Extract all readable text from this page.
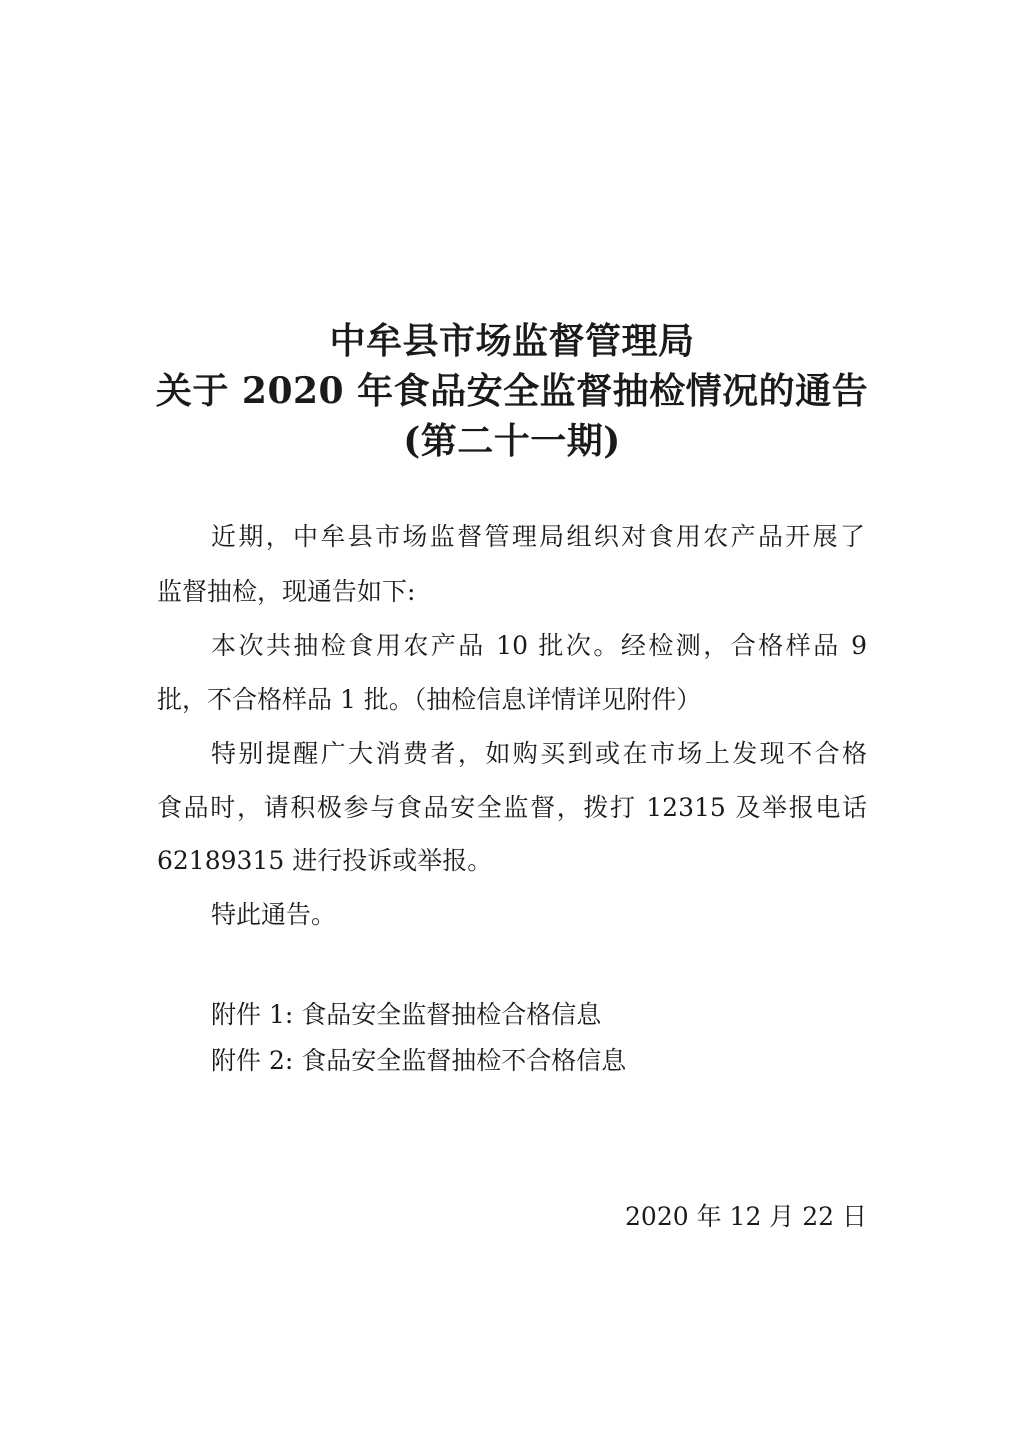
中牟县市场监督管理局
关于 2020 年食品安全监督抽检情况的通告
(第二十一期)
近期，中牟县市场监督管理局组织对食用农产品开展了
监督抽检，现通告如下:
本次共抽检食用农产品 10 批次。经检测，合格样品 9
批，不合格样品 1 批。（抽检信息详情详见附件）
特别提醒广大消费者，如购买到或在市场上发现不合格
食品时，请积极参与食品安全监督，拨打 12315 及举报电话
62189315 进行投诉或举报。
特此通告。
附件 1: 食品安全监督抽检合格信息
附件 2: 食品安全监督抽检不合格信息
2020 年 12 月 22 日
